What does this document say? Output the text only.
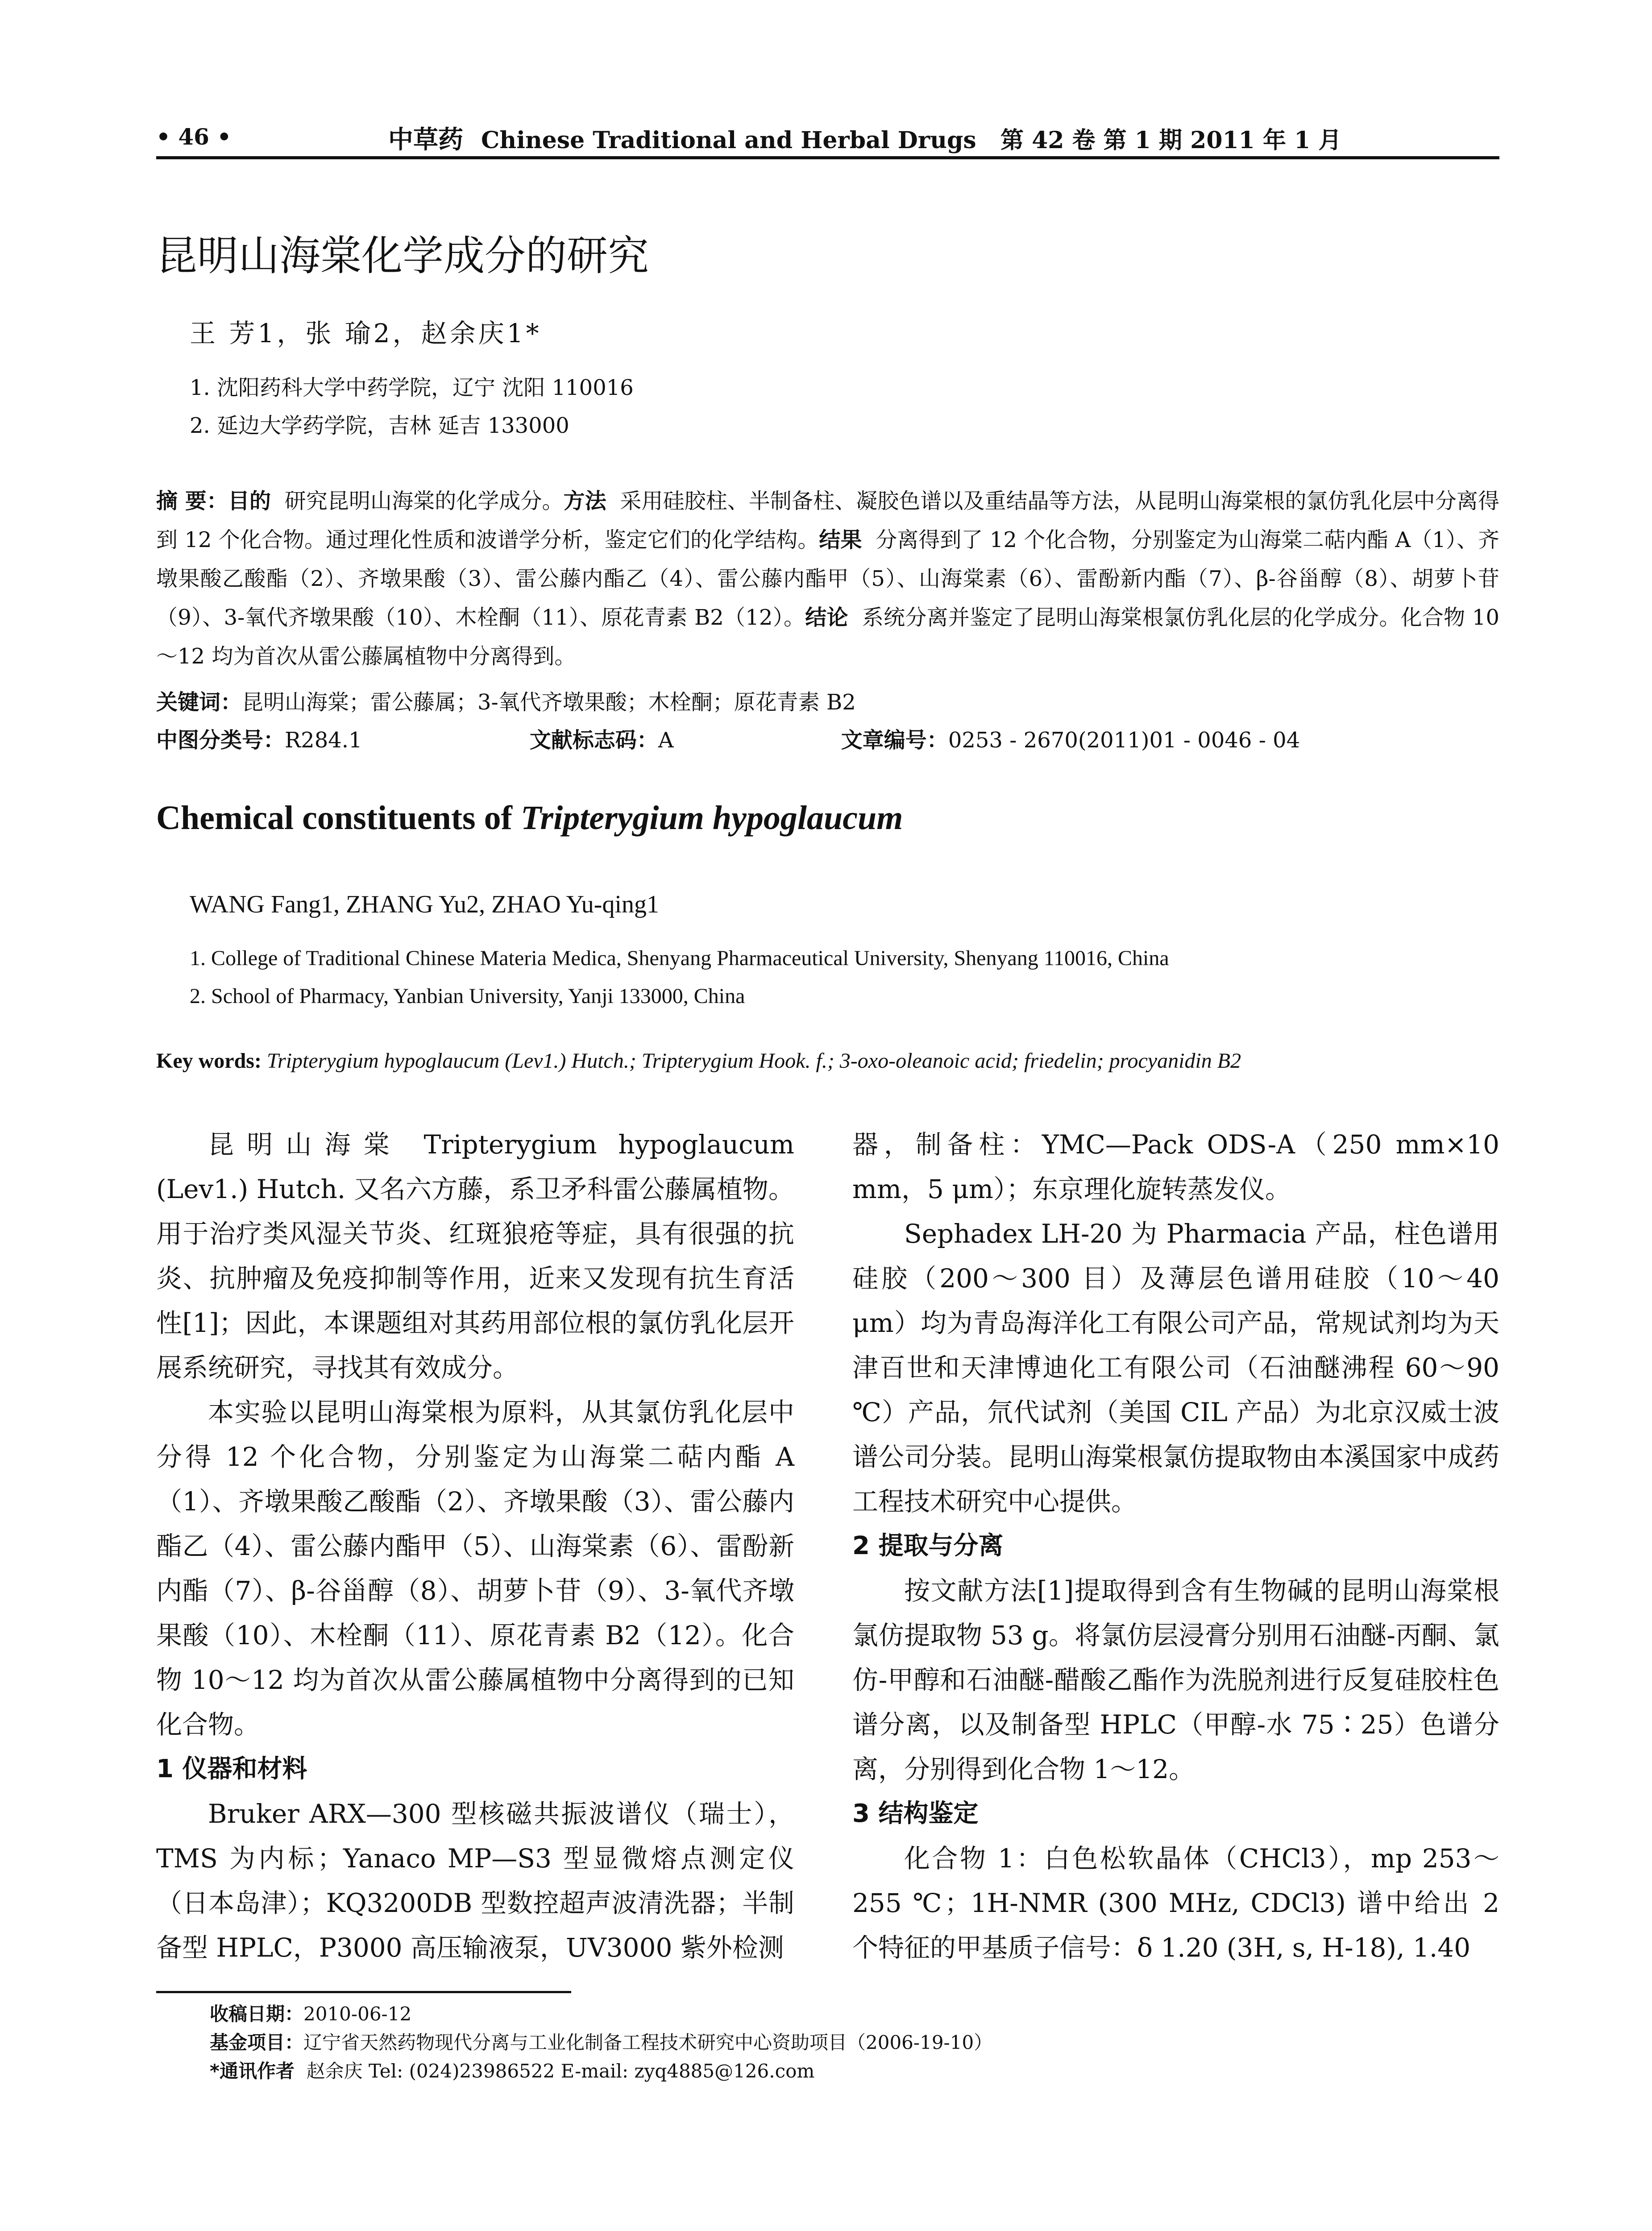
• 46 •	中草药 Chinese Traditional and Herbal Drugs 第 42 卷 第 1 期 2011 年 1 月
昆明山海棠化学成分的研究
王 芳1，张 瑜2，赵余庆1*
1. 沈阳药科大学中药学院，辽宁 沈阳 110016
2. 延边大学药学院，吉林 延吉 133000
摘 要：目的 研究昆明山海棠的化学成分。方法 采用硅胶柱、半制备柱、凝胶色谱以及重结晶等方法，从昆明山海棠根的氯仿乳化层中分离得到 12 个化合物。通过理化性质和波谱学分析，鉴定它们的化学结构。结果 分离得到了 12 个化合物，分别鉴定为山海棠二萜内酯 A（1）、齐墩果酸乙酸酯（2）、齐墩果酸（3）、雷公藤内酯乙（4）、雷公藤内酯甲（5）、山海棠素（6）、雷酚新内酯（7）、β-谷甾醇（8）、胡萝卜苷（9）、3-氧代齐墩果酸（10）、木栓酮（11）、原花青素 B2（12）。结论 系统分离并鉴定了昆明山海棠根氯仿乳化层的化学成分。化合物 10～12 均为首次从雷公藤属植物中分离得到。
关键词：昆明山海棠；雷公藤属；3-氧代齐墩果酸；木栓酮；原花青素 B2
中图分类号：R284.1	文献标志码：A	文章编号：0253 - 2670(2011)01 - 0046 - 04
Chemical constituents of Tripterygium hypoglaucum
WANG Fang1, ZHANG Yu2, ZHAO Yu-qing1
1. College of Traditional Chinese Materia Medica, Shenyang Pharmaceutical University, Shenyang 110016, China
2. School of Pharmacy, Yanbian University, Yanji 133000, China
Key words: Tripterygium hypoglaucum (Lev1.) Hutch.; Tripterygium Hook. f.; 3-oxo-oleanoic acid; friedelin; procyanidin B2

昆明山海棠 Tripterygium hypoglaucum (Lev1.) Hutch. 又名六方藤，系卫矛科雷公藤属植物。用于治疗类风湿关节炎、红斑狼疮等症，具有很强的抗炎、抗肿瘤及免疫抑制等作用，近来又发现有抗生育活性[1]；因此，本课题组对其药用部位根的氯仿乳化层开展系统研究，寻找其有效成分。

本实验以昆明山海棠根为原料，从其氯仿乳化层中分得 12 个化合物，分别鉴定为山海棠二萜内酯 A（1）、齐墩果酸乙酸酯（2）、齐墩果酸（3）、雷公藤内酯乙（4）、雷公藤内酯甲（5）、山海棠素（6）、雷酚新内酯（7）、β-谷甾醇（8）、胡萝卜苷（9）、3-氧代齐墩果酸（10）、木栓酮（11）、原花青素 B2（12）。化合物 10～12 均为首次从雷公藤属植物中分离得到的已知化合物。

1 仪器和材料

Bruker ARX—300 型核磁共振波谱仪（瑞士），TMS 为内标；Yanaco MP—S3 型显微熔点测定仪（日本岛津）；KQ3200DB 型数控超声波清洗器；半制备型 HPLC，P3000 高压输液泵，UV3000 紫外检测

器，制备柱：YMC—Pack ODS-A（250 mm×10 mm，5 μm）；东京理化旋转蒸发仪。

Sephadex LH-20 为 Pharmacia 产品，柱色谱用硅胶（200～300 目）及薄层色谱用硅胶（10～40 μm）均为青岛海洋化工有限公司产品，常规试剂均为天津百世和天津博迪化工有限公司（石油醚沸程 60～90 ℃）产品，氘代试剂（美国 CIL 产品）为北京汉威士波谱公司分装。昆明山海棠根氯仿提取物由本溪国家中成药工程技术研究中心提供。

2 提取与分离

按文献方法[1]提取得到含有生物碱的昆明山海棠根氯仿提取物 53 g。将氯仿层浸膏分别用石油醚-丙酮、氯仿-甲醇和石油醚-醋酸乙酯作为洗脱剂进行反复硅胶柱色谱分离，以及制备型 HPLC（甲醇-水 75∶25）色谱分离，分别得到化合物 1～12。

3 结构鉴定

化合物 1：白色松软晶体（CHCl3），mp 253～255 ℃；1H-NMR (300 MHz, CDCl3) 谱中给出 2 个特征的甲基质子信号：δ 1.20 (3H, s, H-18), 1.40

收稿日期：2010-06-12
基金项目：辽宁省天然药物现代分离与工业化制备工程技术研究中心资助项目（2006-19-10）
*通讯作者 赵余庆 Tel: (024)23986522 E-mail: zyq4885@126.com
